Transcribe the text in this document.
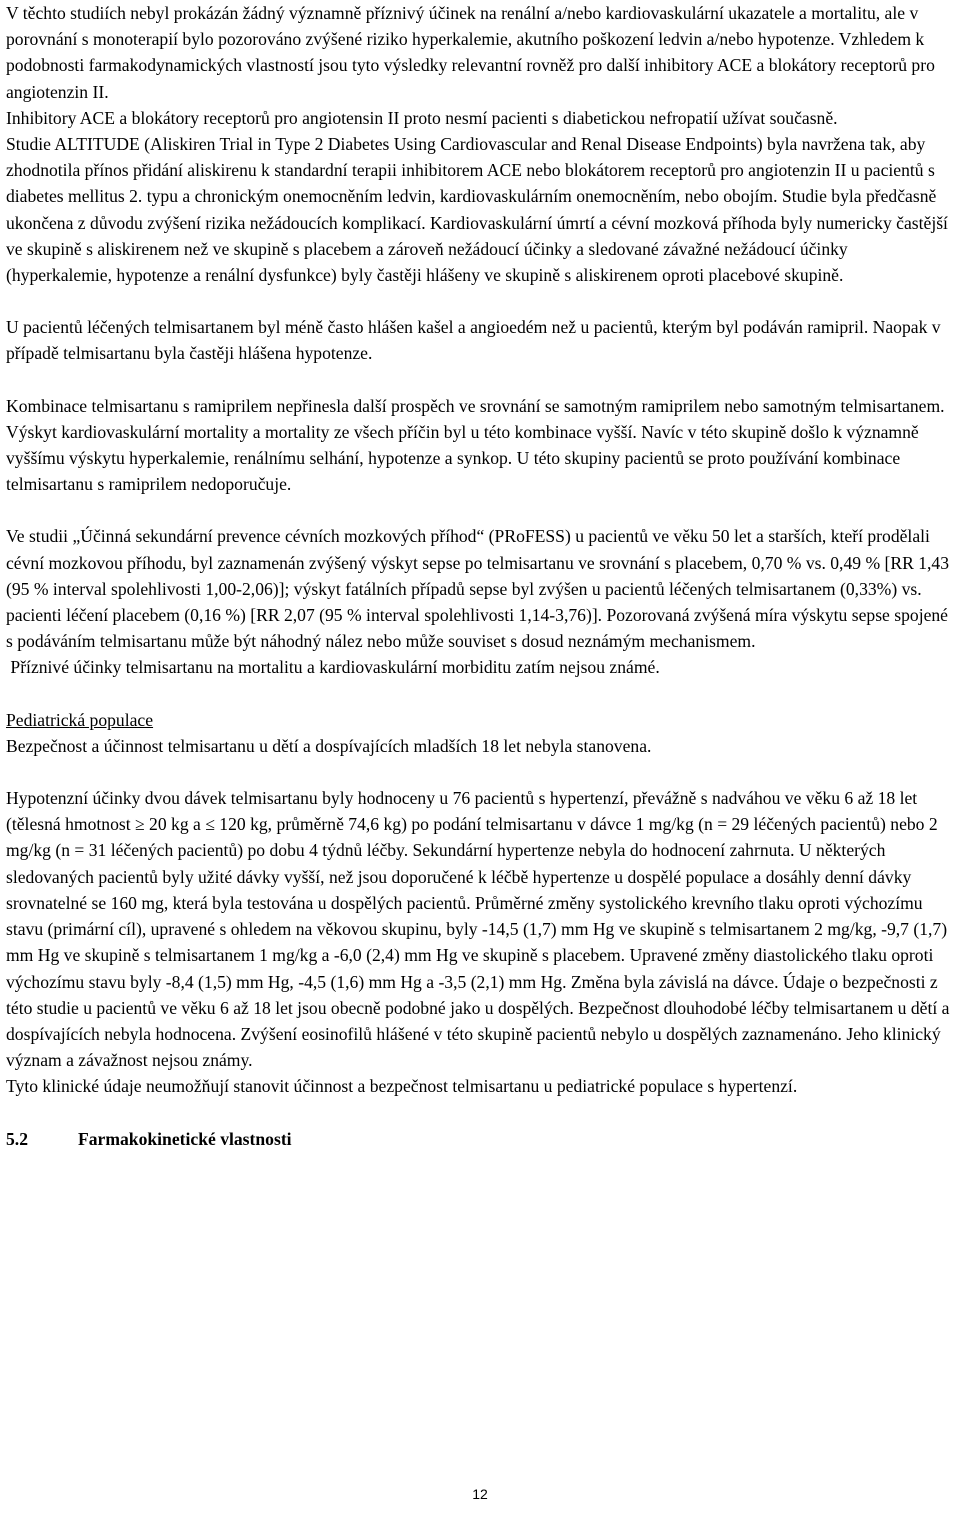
V těchto studiích nebyl prokázán žádný významně příznivý účinek na renální a/nebo kardiovaskulární ukazatele a mortalitu, ale v porovnání s monoterapií bylo pozorováno zvýšené riziko hyperkalemie, akutního poškození ledvin a/nebo hypotenze. Vzhledem k podobnosti farmakodynamických vlastností jsou tyto výsledky relevantní rovněž pro další inhibitory ACE a blokátory receptorů pro angiotenzin II.

Inhibitory ACE a blokátory receptorů pro angiotensin II proto nesmí pacienti s diabetickou nefropatií užívat současně.

Studie ALTITUDE (Aliskiren Trial in Type 2 Diabetes Using Cardiovascular and Renal Disease Endpoints) byla navržena tak, aby zhodnotila přínos přidání aliskirenu k standardní terapii inhibitorem ACE nebo blokátorem receptorů pro angiotenzin II u pacientů s diabetes mellitus 2. typu a chronickým onemocněním ledvin, kardiovaskulárním onemocněním, nebo obojím. Studie byla předčasně ukončena z důvodu zvýšení rizika nežádoucích komplikací. Kardiovaskulární úmrtí a cévní mozková příhoda byly numericky častější ve skupině s aliskirenem než ve skupině s placebem a zároveň nežádoucí účinky a sledované závažné nežádoucí účinky (hyperkalemie, hypotenze a renální dysfunkce) byly častěji hlášeny ve skupině s aliskirenem oproti placebové skupině.

U pacientů léčených telmisartanem byl méně často hlášen kašel a angioedém než u pacientů, kterým byl podáván ramipril. Naopak v případě telmisartanu byla častěji hlášena hypotenze.

Kombinace telmisartanu s ramiprilem nepřinesla další prospěch ve srovnání se samotným ramiprilem nebo samotným telmisartanem. Výskyt kardiovaskulární mortality a mortality ze všech příčin byl u této kombinace vyšší. Navíc v této skupině došlo k významně vyššímu výskytu hyperkalemie, renálnímu selhání, hypotenze a synkop. U této skupiny pacientů se proto používání kombinace telmisartanu s ramiprilem nedoporučuje.

Ve studii „Účinná sekundární prevence cévních mozkových příhod“ (PRoFESS) u pacientů ve věku 50 let a starších, kteří prodělali cévní mozkovou příhodu, byl zaznamenán zvýšený výskyt sepse po telmisartanu ve srovnání s placebem, 0,70 % vs. 0,49 % [RR 1,43 (95 % interval spolehlivosti 1,00-2,06)]; výskyt fatálních případů sepse byl zvýšen u pacientů léčených telmisartanem (0,33%) vs. pacienti léčení placebem (0,16 %) [RR 2,07 (95 % interval spolehlivosti 1,14-3,76)]. Pozorovaná zvýšená míra výskytu sepse spojené s podáváním telmisartanu může být náhodný nález nebo může souviset s dosud neznámým mechanismem.

Příznivé účinky telmisartanu na mortalitu a kardiovaskulární morbiditu zatím nejsou známé.

Pediatrická populace

Bezpečnost a účinnost telmisartanu u dětí a dospívajících mladších 18 let nebyla stanovena.

Hypotenzní účinky dvou dávek telmisartanu byly hodnoceny u 76 pacientů s hypertenzí, převážně s nadváhou ve věku 6 až 18 let (tělesná hmotnost ≥ 20 kg a ≤ 120 kg, průměrně 74,6 kg) po podání telmisartanu v dávce 1 mg/kg (n = 29 léčených pacientů) nebo 2 mg/kg (n = 31 léčených pacientů) po dobu 4 týdnů léčby. Sekundární hypertenze nebyla do hodnocení zahrnuta. U některých sledovaných pacientů byly užité dávky vyšší, než jsou doporučené k léčbě hypertenze u dospělé populace a dosáhly denní dávky srovnatelné se 160 mg, která byla testována u dospělých pacientů. Průměrné změny systolického krevního tlaku oproti výchozímu stavu (primární cíl), upravené s ohledem na věkovou skupinu, byly -14,5 (1,7) mm Hg ve skupině s telmisartanem 2 mg/kg, -9,7 (1,7) mm Hg ve skupině s telmisartanem 1 mg/kg a -6,0 (2,4) mm Hg ve skupině s placebem. Upravené změny diastolického tlaku oproti výchozímu stavu byly -8,4 (1,5) mm Hg, -4,5 (1,6) mm Hg a -3,5 (2,1) mm Hg. Změna byla závislá na dávce. Údaje o bezpečnosti z této studie u pacientů ve věku 6 až 18 let jsou obecně podobné jako u dospělých. Bezpečnost dlouhodobé léčby telmisartanem u dětí a dospívajících nebyla hodnocena. Zvýšení eosinofilů hlášené v této skupině pacientů nebylo u dospělých zaznamenáno. Jeho klinický význam a závažnost nejsou známy.

Tyto klinické údaje neumožňují stanovit účinnost a bezpečnost telmisartanu u pediatrické populace s hypertenzí.

5.2	Farmakokinetické vlastnosti

12
